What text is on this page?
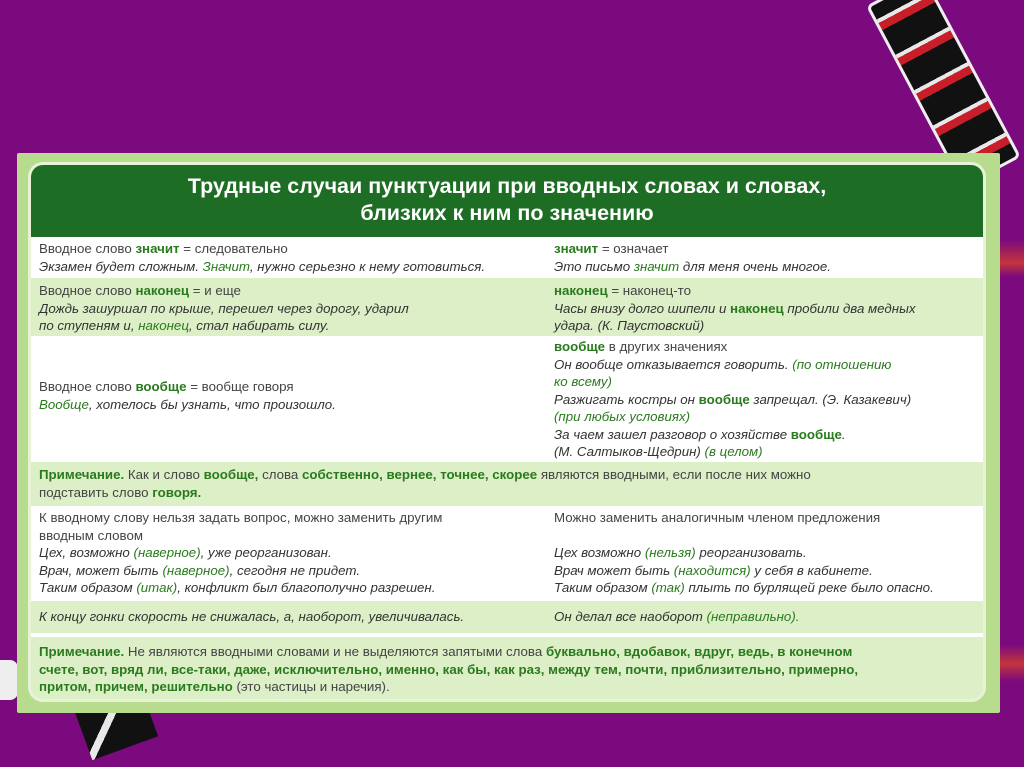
Трудные случаи пунктуации при вводных словах и словах,
близких к ним по значению
Вводное слово значит = следовательно
Экзамен будет сложным. Значит, нужно серьезно к нему готовиться.
значит = означает
Это письмо значит для меня очень многое.
Вводное слово наконец = и еще
Дождь зашуршал по крыше, перешел через дорогу, ударил
по ступеням и, наконец, стал набирать силу.
наконец = наконец-то
Часы внизу долго шипели и наконец пробили два медных
удара. (К. Паустовский)
Вводное слово вообще = вообще говоря
Вообще, хотелось бы узнать, что произошло.
вообще в других значениях
Он вообще отказывается говорить. (по отношению
ко всему)
Разжигать костры он вообще запрещал. (Э. Казакевич)
(при любых условиях)
За чаем зашел разговор о хозяйстве вообще.
(М. Салтыков-Щедрин) (в целом)
Примечание. Как и слово вообще, слова собственно, вернее, точнее, скорее являются вводными, если после них можно
подставить слово говоря.
К вводному слову нельзя задать вопрос, можно заменить другим
вводным словом
Цех, возможно (наверное), уже реорганизован.
Врач, может быть (наверное), сегодня не придет.
Таким образом (итак), конфликт был благополучно разрешен.
Можно заменить аналогичным членом предложения

Цех возможно (нельзя) реорганизовать.
Врач может быть (находится) у себя в кабинете.
Таким образом (так) плыть по бурлящей реке было опасно.
К концу гонки скорость не снижалась, а, наоборот, увеличивалась.	Он делал все наоборот (неправильно).
Примечание. Не являются вводными словами и не выделяются запятыми слова буквально, вдобавок, вдруг, ведь, в конечном
счете, вот, вряд ли, все-таки, даже, исключительно, именно, как бы, как раз, между тем, почти, приблизительно, примерно,
притом, причем, решительно (это частицы и наречия).
